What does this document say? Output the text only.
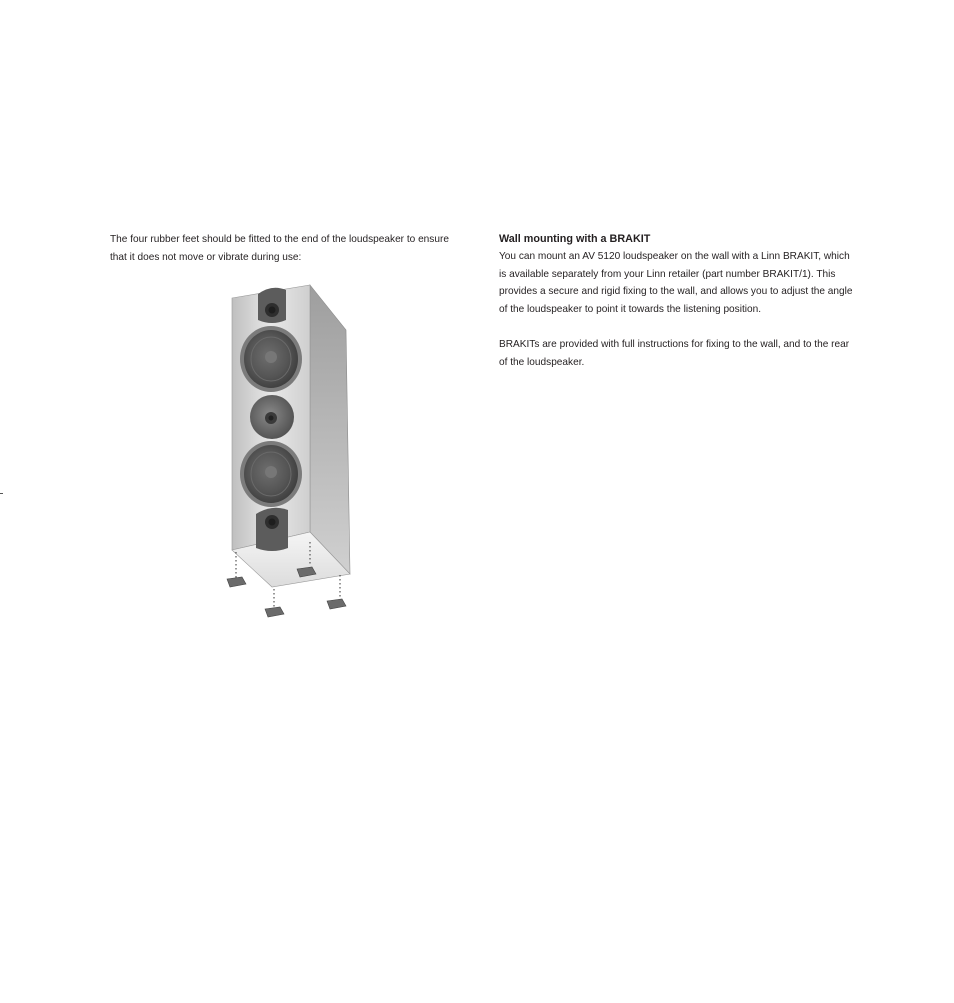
The four rubber feet should be fitted to the end of the loudspeaker to ensure that it does not move or vibrate during use:

Wall mounting with a BRAKIT

You can mount an AV 5120 loudspeaker on the wall with a Linn BRAKIT, which is available separately from your Linn retailer (part number BRAKIT/1). This provides a secure and rigid fixing to the wall, and allows you to adjust the angle of the loudspeaker to point it towards the listening position.

BRAKITs are provided with full instructions for fixing to the wall, and to the rear of the loudspeaker.
